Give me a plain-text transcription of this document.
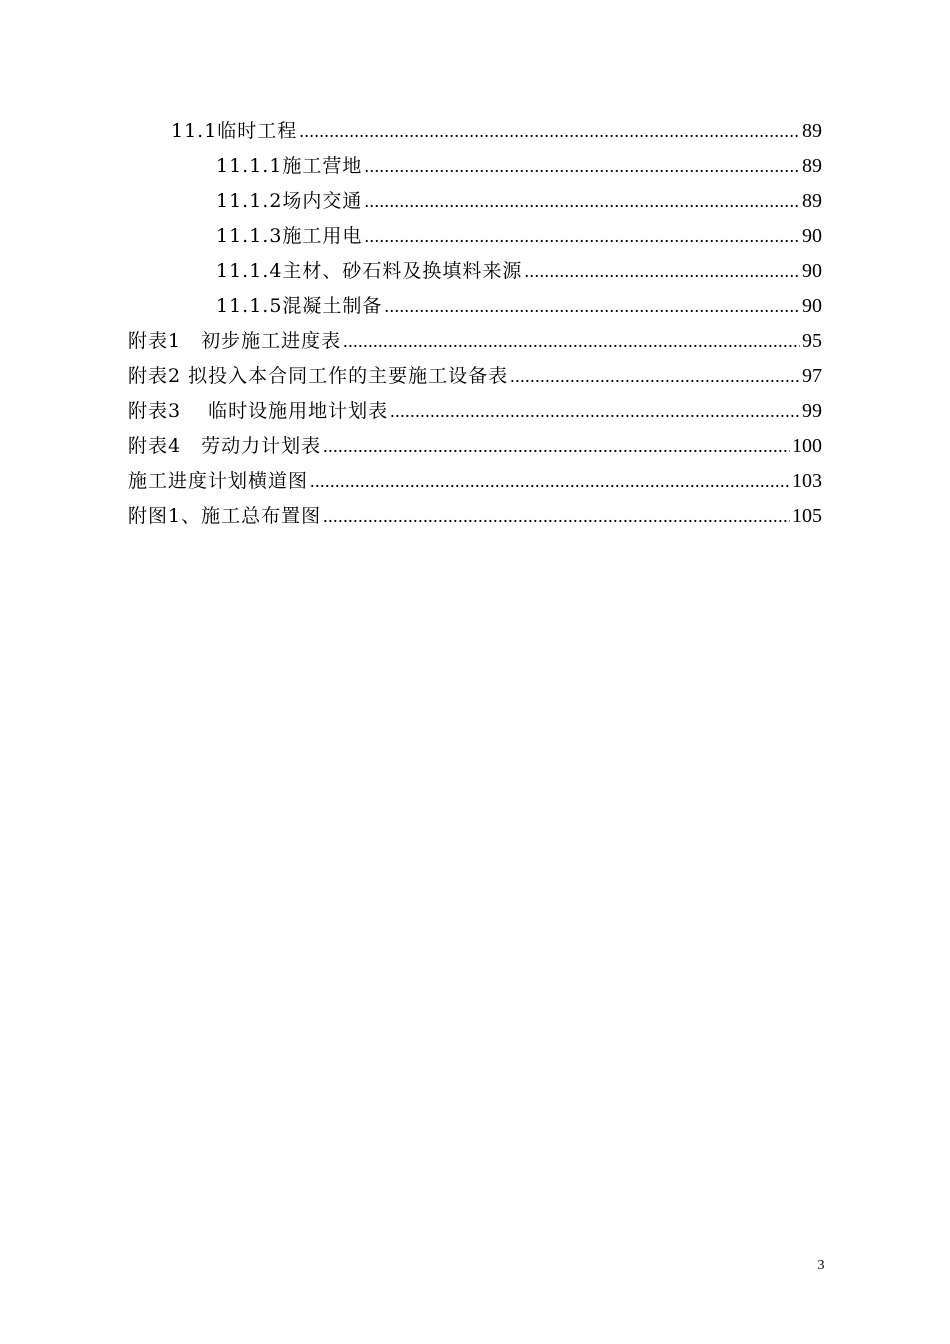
11.1临时工程 .....	89
11.1.1施工营地 .....	89
11.1.2场内交通 .....	89
11.1.3施工用电 .....	90
11.1.4主材、砂石料及换填料来源 .....	90
11.1.5混凝土制备 .....	90
附表1　初步施工进度表 .....	95
附表2 拟投入本合同工作的主要施工设备表 .....	97
附表3　 临时设施用地计划表 .....	99
附表4　劳动力计划表 .....	100
施工进度计划横道图 .....	103
附图1、施工总布置图 .....	105
3
